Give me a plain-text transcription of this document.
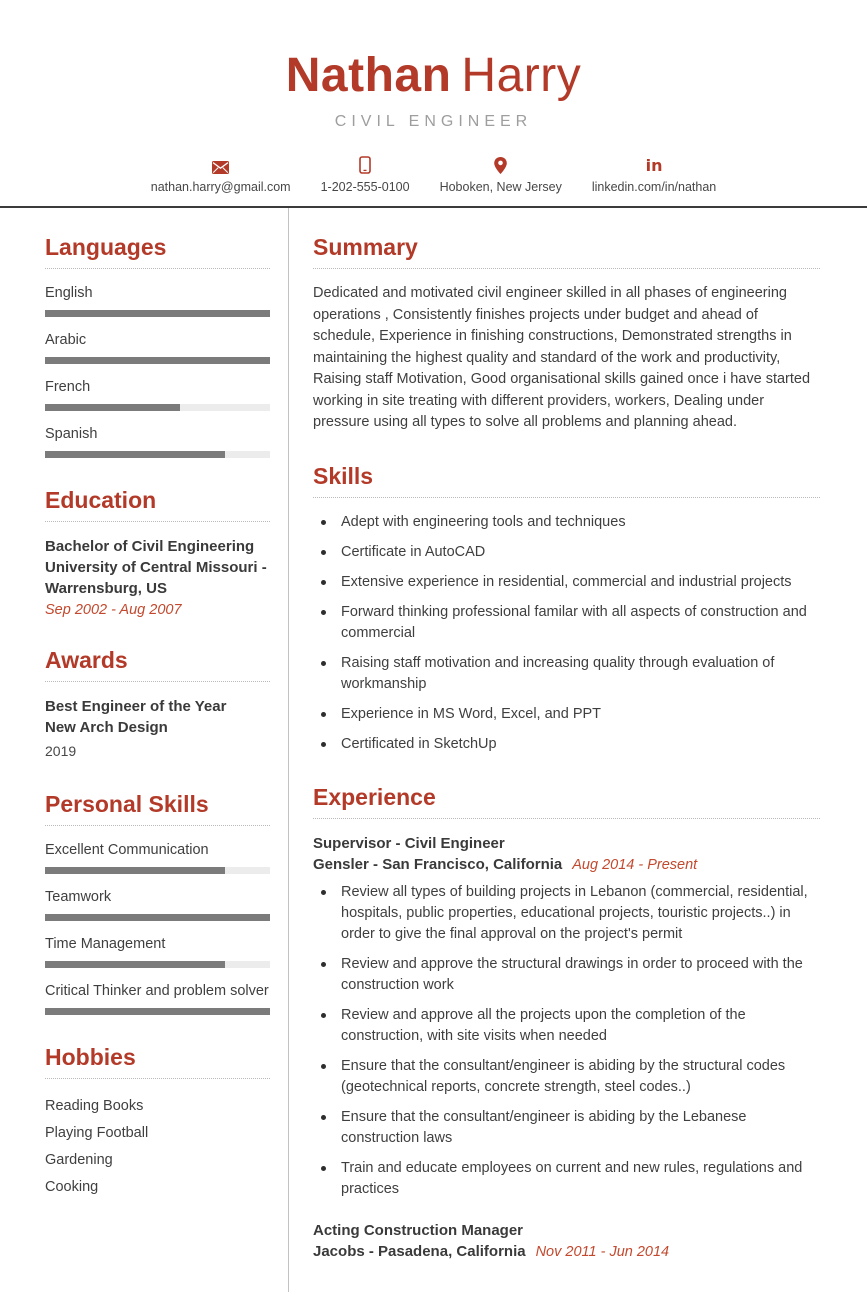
Nathan Harry
CIVIL ENGINEER
nathan.harry@gmail.com 1-202-555-0100 Hoboken, New Jersey
in
linkedin.com/in/nathan
Languages
English
Arabic
French
Spanish
Education
Bachelor of Civil Engineering
University of Central Missouri - Warrensburg, US
Sep 2002 - Aug 2007
Awards
Best Engineer of the Year
New Arch Design
2019
Personal Skills
Excellent Communication
Teamwork
Time Management
Critical Thinker and problem solver
Hobbies
Reading Books
Playing Football
Gardening
Cooking
Summary

Dedicated and motivated civil engineer skilled in all phases of engineering operations , Consistently finishes projects under budget and ahead of schedule, Experience in finishing constructions, Demonstrated strengths in maintaining the highest quality and standard of the work and productivity, Raising staff Motivation, Good organisational skills gained once i have started working in site treating with different providers, workers, Dealing under pressure using all types to solve all problems and planning ahead.

Skills
Adept with engineering tools and techniques
Certificate in AutoCAD
Extensive experience in residential, commercial and industrial projects
Forward thinking professional familar with all aspects of construction and commercial
Raising staff motivation and increasing quality through evaluation of workmanship
Experience in MS Word, Excel, and PPT
Certificated in SketchUp
Experience
Supervisor - Civil Engineer
Gensler - San Francisco, California Aug 2014 - Present
Review all types of building projects in Lebanon (commercial, residential, hospitals, public properties, educational projects, touristic projects..) in order to give the final approval on the project's permit
Review and approve the structural drawings in order to proceed with the construction work
Review and approve all the projects upon the completion of the construction, with site visits when needed
Ensure that the consultant/engineer is abiding by the structural codes (geotechnical reports, concrete strength, steel codes..)
Ensure that the consultant/engineer is abiding by the Lebanese construction laws
Train and educate employees on current and new rules, regulations and practices
Acting Construction Manager
Jacobs - Pasadena, California Nov 2011 - Jun 2014
